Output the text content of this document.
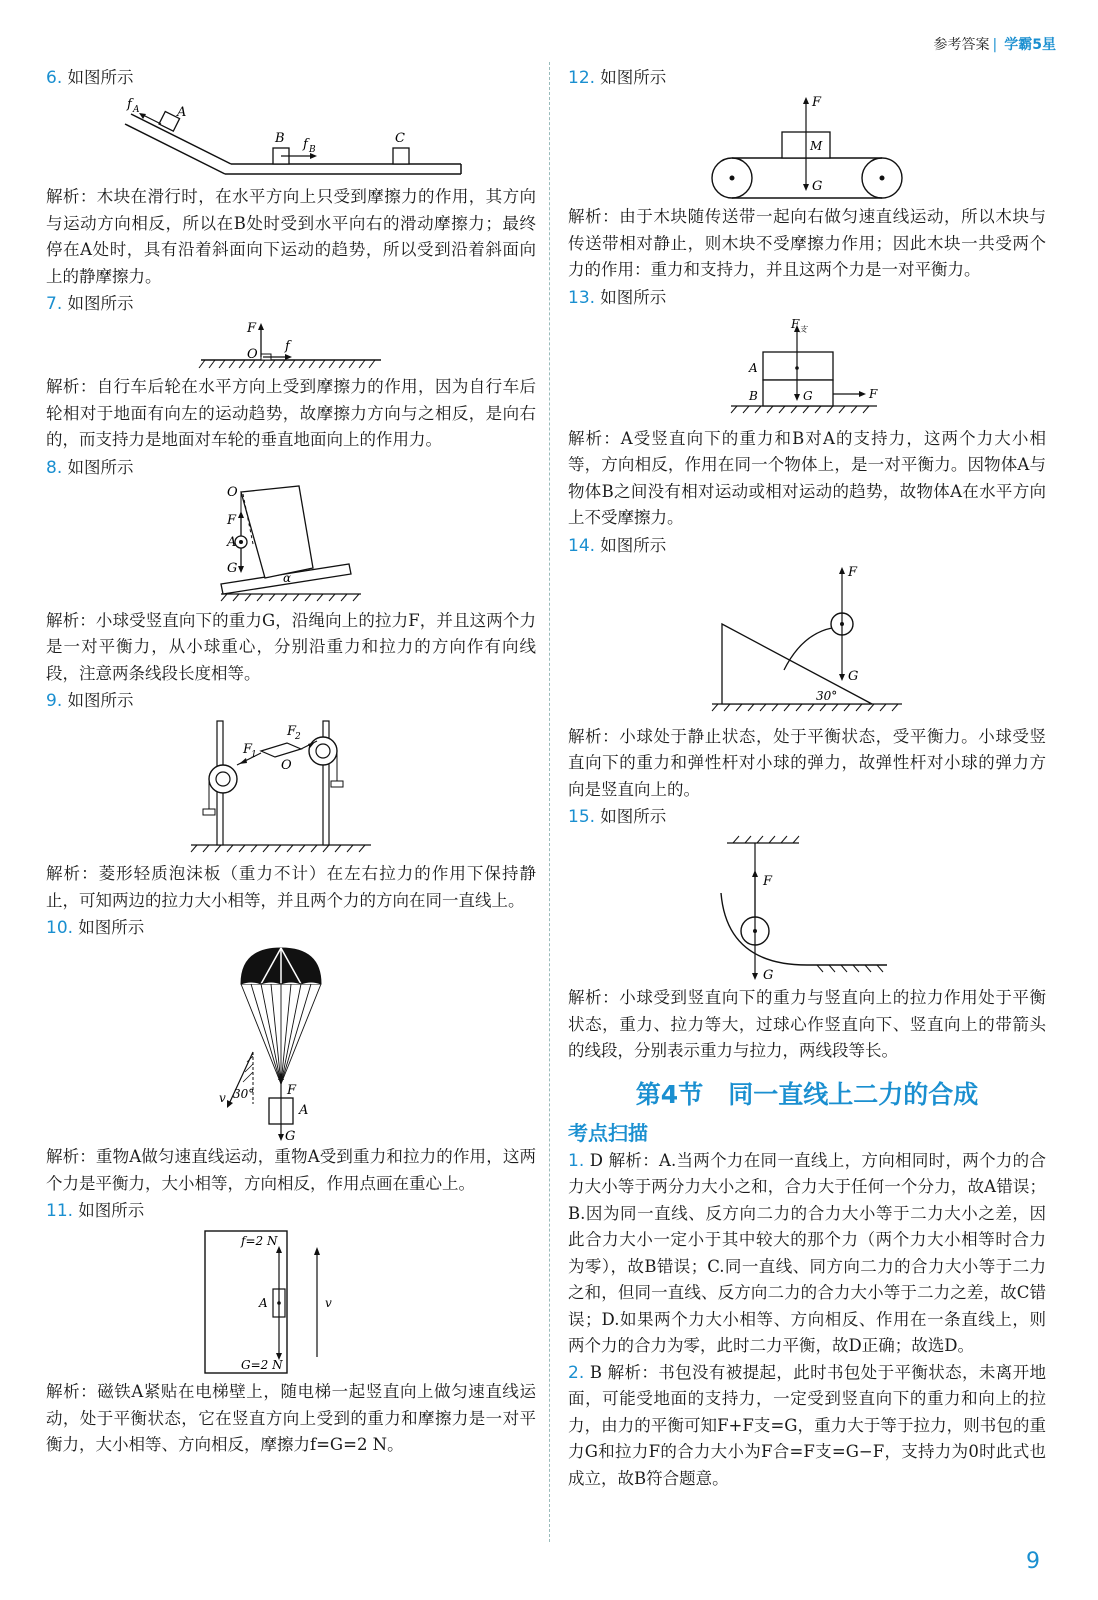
参考答案 | 学霸5星
6. 如图所示
f A	A
B f B
C

解析：木块在滑行时，在水平方向上只受到摩擦力的作用，其方向与运动方向相反，所以在B处时受到水平向右的滑动摩擦力；最终停在A处时，具有沿着斜面向下运动的趋势，所以受到沿着斜面向上的静摩擦力。

7. 如图所示
F
O
f

解析：自行车后轮在水平方向上受到摩擦力的作用，因为自行车后轮相对于地面有向左的运动趋势，故摩擦力方向与之相反，是向右的，而支持力是地面对车轮的垂直地面向上的作用力。

8. 如图所示
O
F
A
G
α

解析：小球受竖直向下的重力G，沿绳向上的拉力F，并且这两个力是一对平衡力，从小球重心，分别沿重力和拉力的方向作有向线段，注意两条线段长度相等。

9. 如图所示
F
1
F
2
O

解析：菱形轻质泡沫板（重力不计）在左右拉力的作用下保持静止，可知两边的拉力大小相等，并且两个力的方向在同一直线上。

10. 如图所示
v 30°	F
A
G

解析：重物A做匀速直线运动，重物A受到重力和拉力的作用，这两个力是平衡力，大小相等，方向相反，作用点画在重心上。

11. 如图所示
f=2 N
A
G=2 N
v

解析：磁铁A紧贴在电梯壁上，随电梯一起竖直向上做匀速直线运动，处于平衡状态，它在竖直方向上受到的重力和摩擦力是一对平衡力，大小相等、方向相反，摩擦力f=G=2 N。

12. 如图所示
F
M
G

解析：由于木块随传送带一起向右做匀速直线运动，所以木块与传送带相对静止，则木块不受摩擦力作用；因此木块一共受两个力的作用：重力和支持力，并且这两个力是一对平衡力。

13. 如图所示
F 支
A
B	G	F

解析：A受竖直向下的重力和B对A的支持力，这两个力大小相等，方向相反，作用在同一个物体上，是一对平衡力。因物体A与物体B之间没有相对运动或相对运动的趋势，故物体A在水平方向上不受摩擦力。

14. 如图所示
F
G
30°

解析：小球处于静止状态，处于平衡状态，受平衡力。小球受竖直向下的重力和弹性杆对小球的弹力，故弹性杆对小球的弹力方向是竖直向上的。

15. 如图所示
F
G

解析：小球受到竖直向下的重力与竖直向上的拉力作用处于平衡状态，重力、拉力等大，过球心作竖直向下、竖直向上的带箭头的线段，分别表示重力与拉力，两线段等长。

第4节　同一直线上二力的合成
考点扫描

1. D 解析：A.当两个力在同一直线上，方向相同时，两个力的合力大小等于两分力大小之和，合力大于任何一个分力，故A错误；B.因为同一直线、反方向二力的合力大小等于二力大小之差，因此合力大小一定小于其中较大的那个力（两个力大小相等时合力为零），故B错误；C.同一直线、同方向二力的合力大小等于二力之和，但同一直线、反方向二力的合力大小等于二力之差，故C错误；D.如果两个力大小相等、方向相反、作用在一条直线上，则两个力的合力为零，此时二力平衡，故D正确；故选D。

2. B 解析：书包没有被提起，此时书包处于平衡状态，未离开地面，可能受地面的支持力，一定受到竖直向下的重力和向上的拉力，由力的平衡可知F+F支=G，重力大于等于拉力，则书包的重力G和拉力F的合力大小为F合=F支=G−F，支持力为0时此式也成立，故B符合题意。

9
